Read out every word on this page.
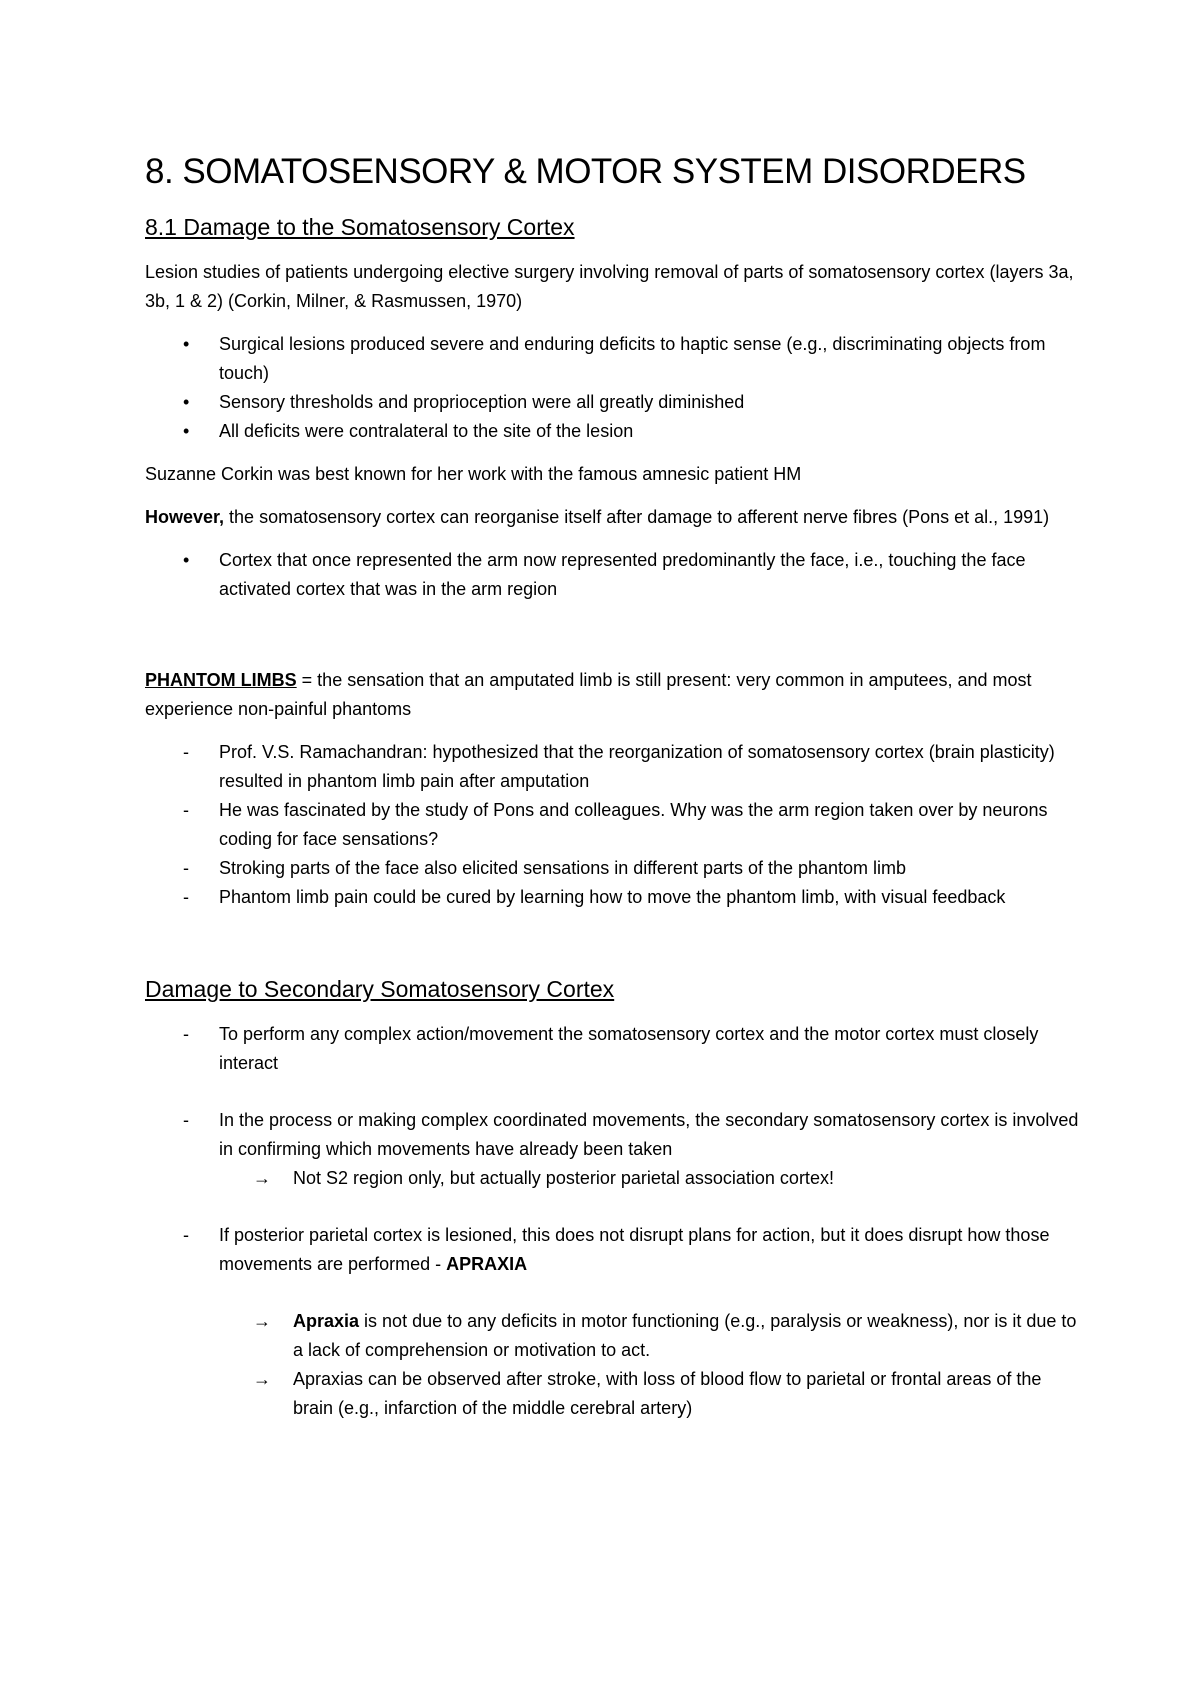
8. SOMATOSENSORY & MOTOR SYSTEM DISORDERS
8.1 Damage to the Somatosensory Cortex

Lesion studies of patients undergoing elective surgery involving removal of parts of somatosensory cortex (layers 3a, 3b, 1 & 2) (Corkin, Milner, & Rasmussen, 1970)

• Surgical lesions produced severe and enduring deficits to haptic sense (e.g., discriminating objects from touch)
• Sensory thresholds and proprioception were all greatly diminished
• All deficits were contralateral to the site of the lesion

Suzanne Corkin was best known for her work with the famous amnesic patient HM

However, the somatosensory cortex can reorganise itself after damage to afferent nerve fibres (Pons et al., 1991)

• Cortex that once represented the arm now represented predominantly the face, i.e., touching the face activated cortex that was in the arm region

PHANTOM LIMBS = the sensation that an amputated limb is still present: very common in amputees, and most experience non-painful phantoms

- Prof. V.S. Ramachandran: hypothesized that the reorganization of somatosensory cortex (brain plasticity) resulted in phantom limb pain after amputation
- He was fascinated by the study of Pons and colleagues. Why was the arm region taken over by neurons coding for face sensations?
- Stroking parts of the face also elicited sensations in different parts of the phantom limb
- Phantom limb pain could be cured by learning how to move the phantom limb, with visual feedback
Damage to Secondary Somatosensory Cortex
- To perform any complex action/movement the somatosensory cortex and the motor cortex must closely interact
- In the process or making complex coordinated movements, the secondary somatosensory cortex is involved in confirming which movements have already been taken
→ Not S2 region only, but actually posterior parietal association cortex!
- If posterior parietal cortex is lesioned, this does not disrupt plans for action, but it does disrupt how those movements are performed - APRAXIA
→ Apraxia is not due to any deficits in motor functioning (e.g., paralysis or weakness), nor is it due to a lack of comprehension or motivation to act.
→ Apraxias can be observed after stroke, with loss of blood flow to parietal or frontal areas of the brain (e.g., infarction of the middle cerebral artery)
